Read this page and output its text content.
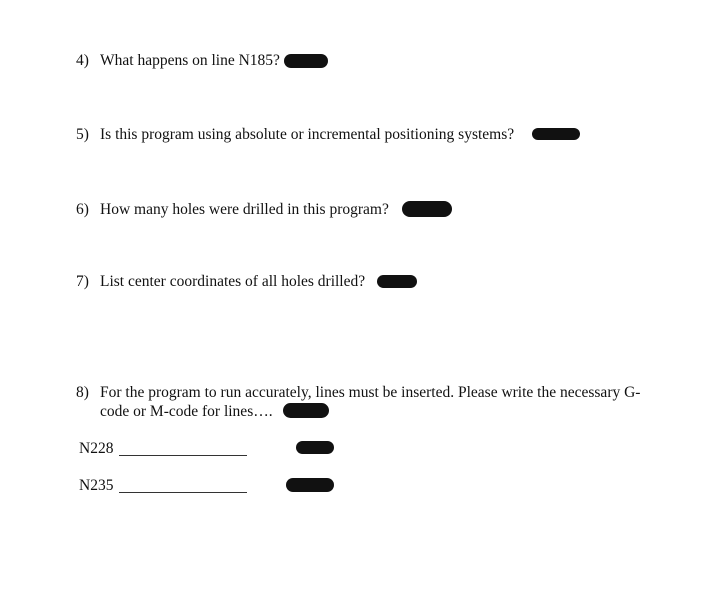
4) What happens on line N185?
5) Is this program using absolute or incremental positioning systems?
6) How many holes were drilled in this program?
7) List center coordinates of all holes drilled?
8) For the program to run accurately, lines must be inserted. Please write the necessary G-
code or M-code for lines….
N228
N235
